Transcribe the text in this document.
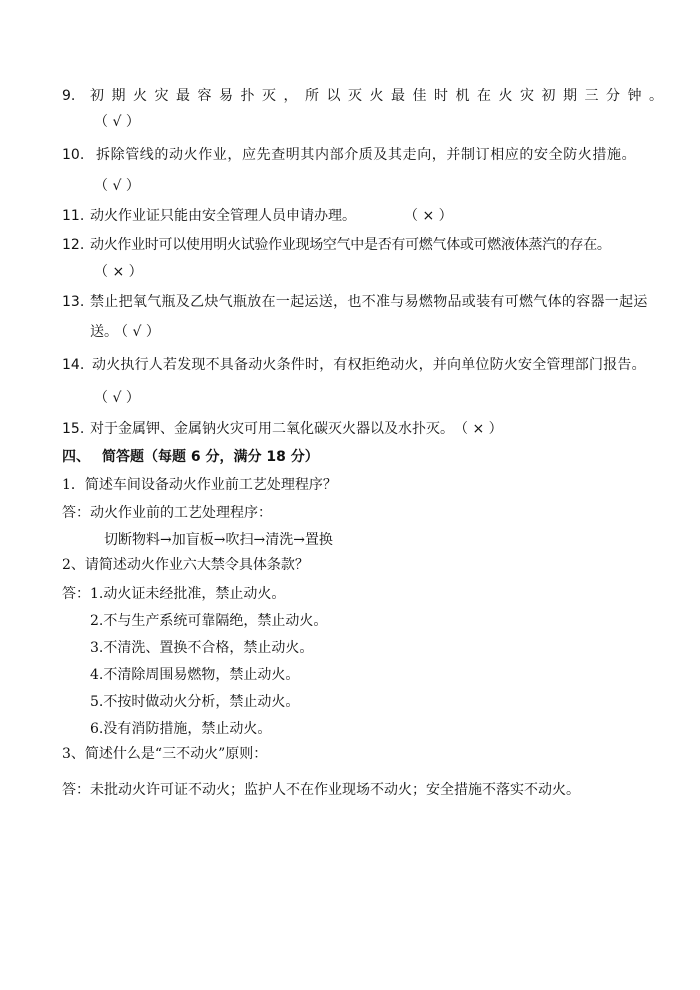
9. 初期火灾最容易扑灭，所以灭火最佳时机在火灾初期三分钟。
（ √ ）
10. 拆除管线的动火作业，应先查明其内部介质及其走向，并制订相应的安全防火措施。
（ √ ）
11. 动火作业证只能由安全管理人员申请办理。	（ × ）
12. 动火作业时可以使用明火试验作业现场空气中是否有可燃气体或可燃液体蒸汽的存在。
（ × ）
13. 禁止把氧气瓶及乙炔气瓶放在一起运送，也不准与易燃物品或装有可燃气体的容器一起运
送。
（ √ ）
14. 动火执行人若发现不具备动火条件时，有权拒绝动火，并向单位防火安全管理部门报告。
（ √ ）
15. 对于金属钾、金属钠火灾可用二氧化碳灭火器以及水扑灭。 （ × ）
四、 简答题（每题 6 分，满分 18 分）
1．简述车间设备动火作业前工艺处理程序？
答： 动火作业前的工艺处理程序：
切断物料→加盲板→吹扫→清洗→置换
2、请简述动火作业六大禁令具体条款？
答： 1.动火证未经批准，禁止动火。
2.不与生产系统可靠隔绝，禁止动火。
3.不清洗、置换不合格，禁止动火。
4.不清除周围易燃物，禁止动火。
5.不按时做动火分析，禁止动火。
6.没有消防措施，禁止动火。
3、简述什么是“三不动火”原则：
答： 未批动火许可证不动火；监护人不在作业现场不动火；安全措施不落实不动火。
